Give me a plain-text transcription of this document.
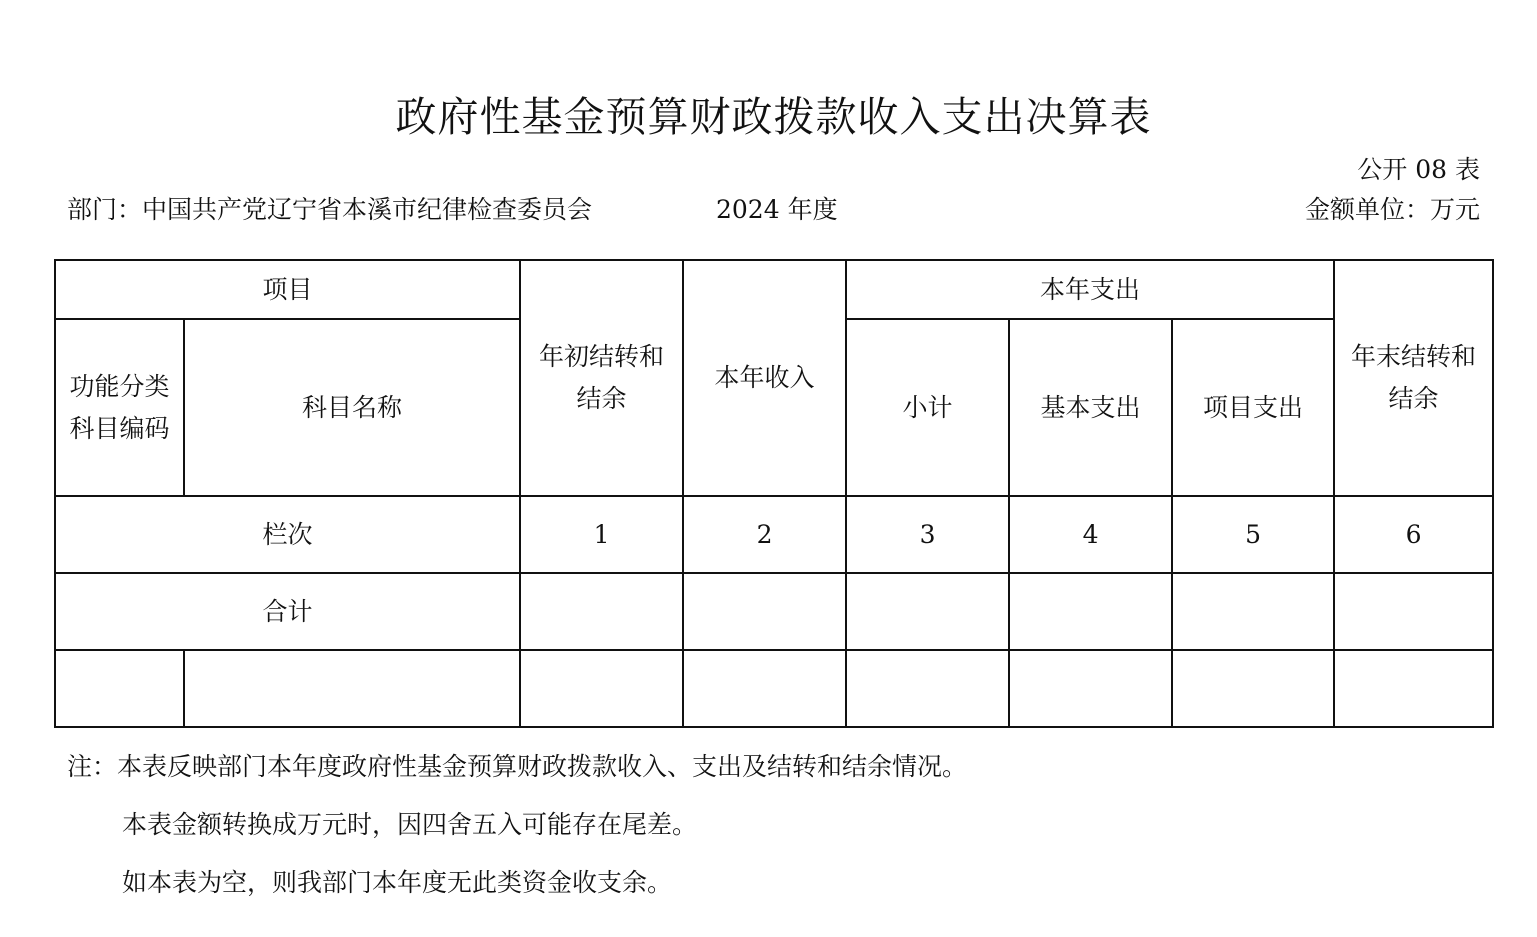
政府性基金预算财政拨款收入支出决算表
公开 08 表
部门：中国共产党辽宁省本溪市纪律检查委员会	2024 年度	金额单位：万元
项目		年初结转和结余	本年收入	本年支出			年末结转和结余
功能分类科目编码	科目名称			小计	基本支出	项目支出	
栏次		1	2	3	4	5	6
合计							

注：本表反映部门本年度政府性基金预算财政拨款收入、支出及结转和结余情况。
本表金额转换成万元时，因四舍五入可能存在尾差。
如本表为空，则我部门本年度无此类资金收支余。
